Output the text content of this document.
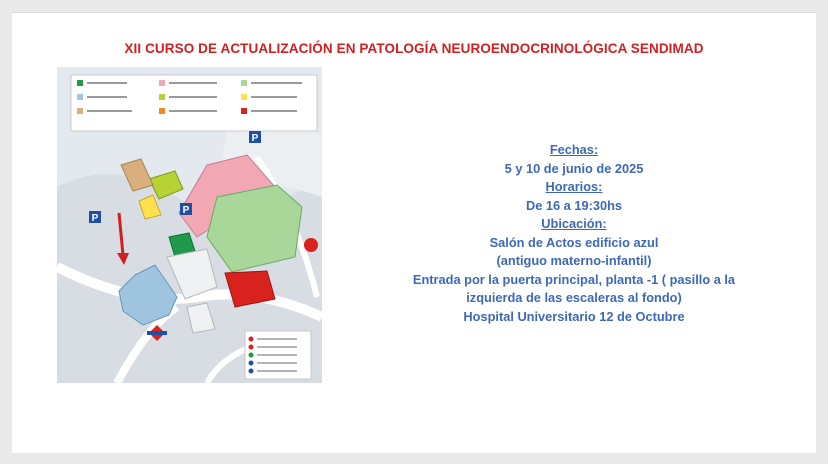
XII CURSO DE ACTUALIZACIÓN EN PATOLOGÍA NEUROENDOCRINOLÓGICA SENDIMAD
P
P
P
Fechas:
5 y 10 de junio de 2025
Horarios:
De 16 a 19:30hs
Ubicación:
Salón de Actos edificio azul
(antiguo materno-infantil)
Entrada por la puerta principal, planta -1 ( pasillo a la
izquierda de las escaleras al fondo)
Hospital Universitario 12 de Octubre
